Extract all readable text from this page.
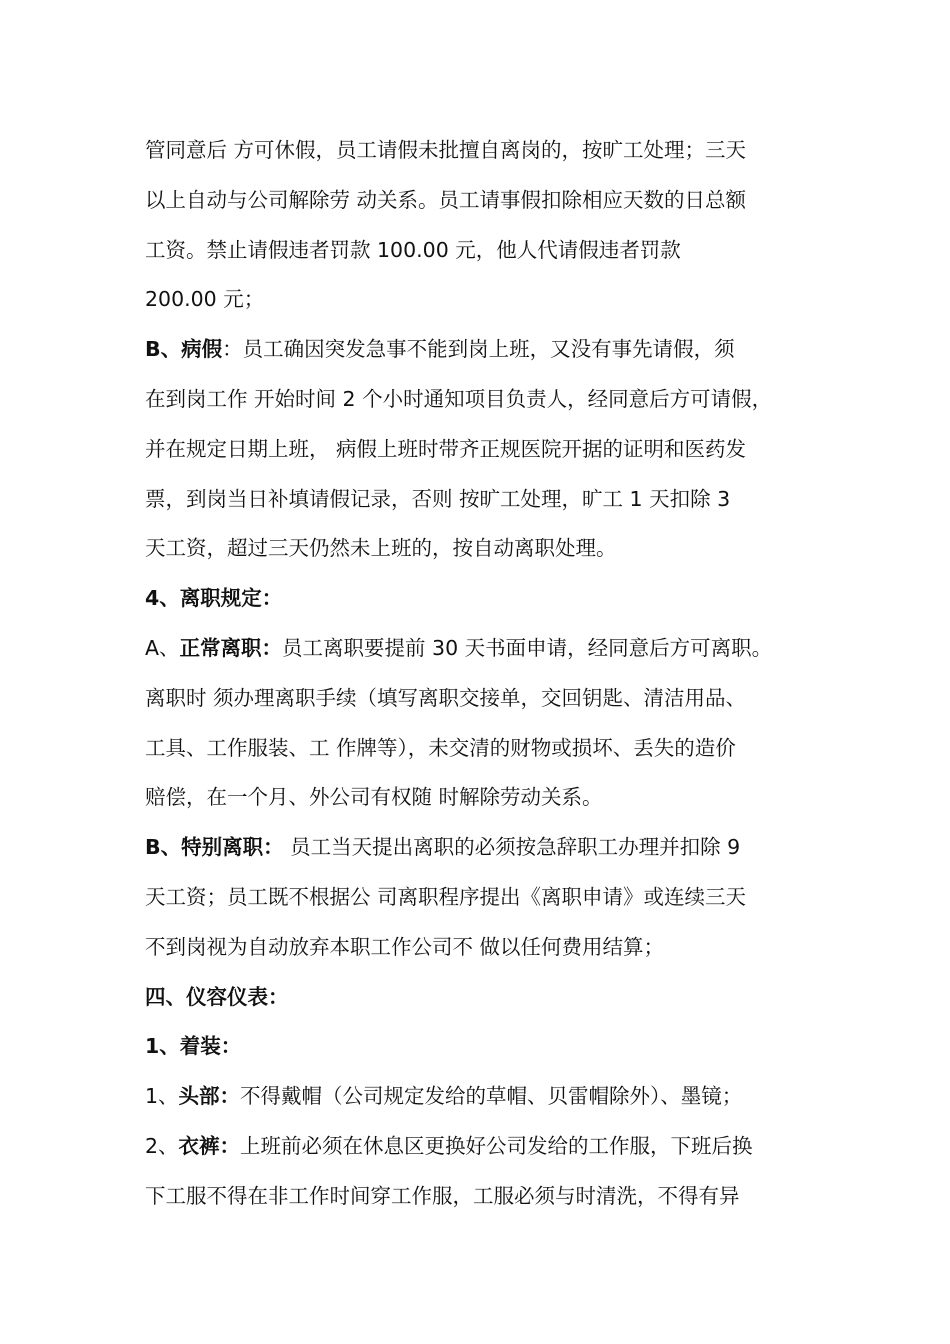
管同意后 方可休假，员工请假未批擅自离岗的，按旷工处理；三天
以上自动与公司解除劳 动关系。员工请事假扣除相应天数的日总额
工资。禁止请假违者罚款 100.00 元，他人代请假违者罚款
200.00 元；
B、病假：员工确因突发急事不能到岗上班，又没有事先请假，须
在到岗工作 开始时间 2 个小时通知项目负责人，经同意后方可请假，
并在规定日期上班， 病假上班时带齐正规医院开据的证明和医药发
票，到岗当日补填请假记录，否则 按旷工处理，旷工 1 天扣除 3
天工资，超过三天仍然未上班的，按自动离职处理。
4、离职规定：
A、正常离职：员工离职要提前 30 天书面申请，经同意后方可离职。
离职时 须办理离职手续（填写离职交接单，交回钥匙、清洁用品、
工具、工作服装、工 作牌等），未交清的财物或损坏、丢失的造价
赔偿，在一个月、外公司有权随 时解除劳动关系。
B、特别离职： 员工当天提出离职的必须按急辞职工办理并扣除 9
天工资；员工既不根据公 司离职程序提出《离职申请》或连续三天
不到岗视为自动放弃本职工作公司不 做以任何费用结算；
四、仪容仪表：
1、着装：
1、头部：不得戴帽（公司规定发给的草帽、贝雷帽除外）、墨镜；
2、衣裤：上班前必须在休息区更换好公司发给的工作服，下班后换
下工服不得在非工作时间穿工作服，工服必须与时清洗，不得有异
